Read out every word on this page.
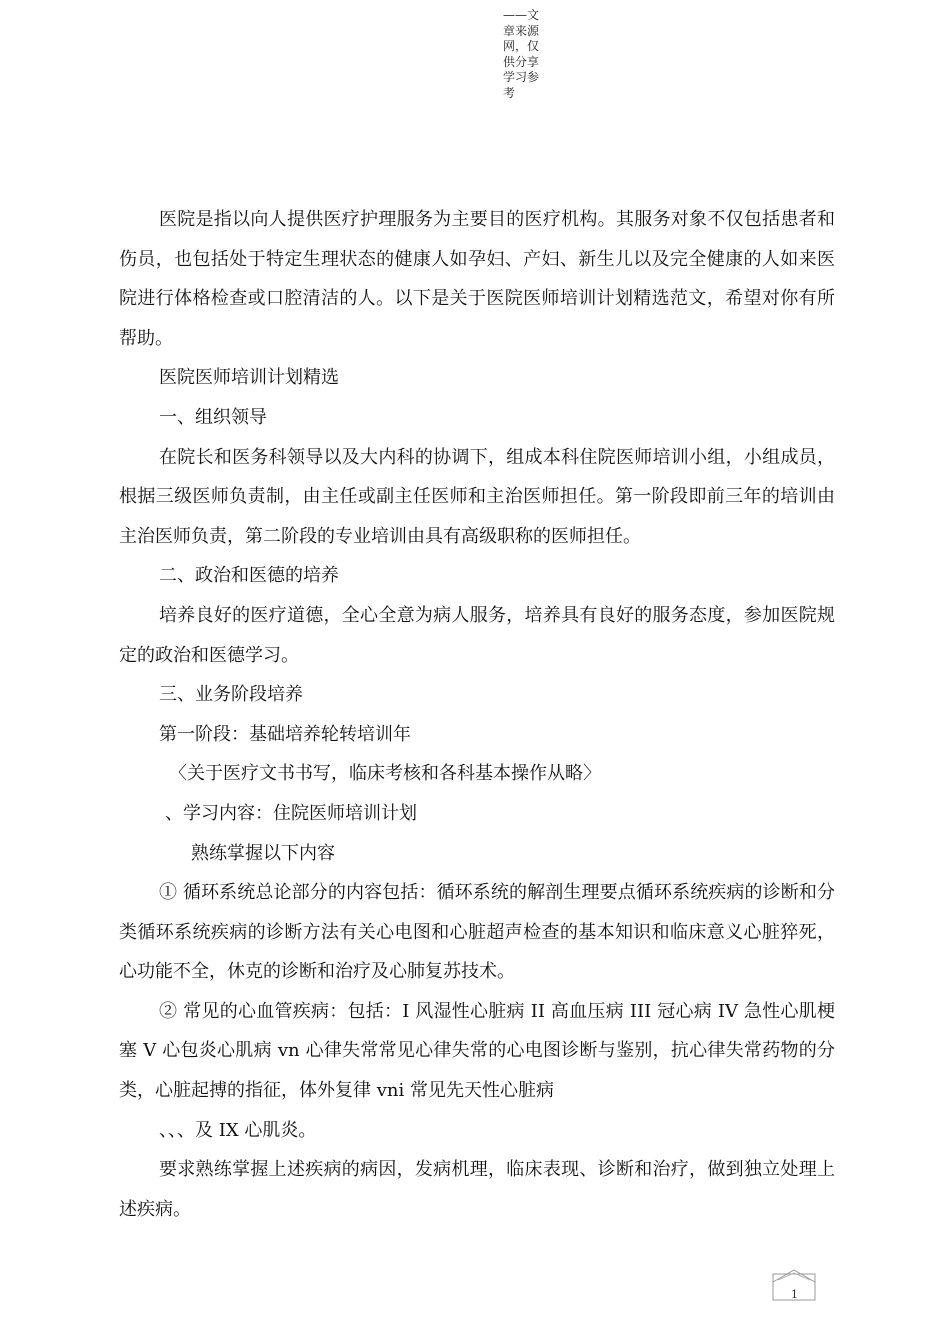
——文
章来源
网，仅
供分享
学习参
考

医院是指以向人提供医疗护理服务为主要目的医疗机构。其服务对象不仅包括患者和伤员，也包括处于特定生理状态的健康人如孕妇、产妇、新生儿以及完全健康的人如来医院进行体格检查或口腔清洁的人。以下是关于医院医师培训计划精选范文，希望对你有所帮助。

医院医师培训计划精选

一、组织领导

在院长和医务科领导以及大内科的协调下，组成本科住院医师培训小组，小组成员，根据三级医师负责制，由主任或副主任医师和主治医师担任。第一阶段即前三年的培训由主治医师负责，第二阶段的专业培训由具有高级职称的医师担任。

二、政治和医德的培养

培养良好的医疗道德，全心全意为病人服务，培养具有良好的服务态度，参加医院规定的政治和医德学习。

三、业务阶段培养

第一阶段：基础培养轮转培训年

〈关于医疗文书书写，临床考核和各科基本操作从略〉

、学习内容：住院医师培训计划

熟练掌握以下内容

① 循环系统总论部分的内容包括：循环系统的解剖生理要点循环系统疾病的诊断和分类循环系统疾病的诊断方法有关心电图和心脏超声检查的基本知识和临床意义心脏猝死，心功能不全，休克的诊断和治疗及心肺复苏技术。

② 常见的心血管疾病：包括：I 风湿性心脏病 II 高血压病 III 冠心病 IV 急性心肌梗塞 V 心包炎心肌病 vn 心律失常常见心律失常的心电图诊断与鉴别，抗心律失常药物的分类，心脏起搏的指征，体外复律 vni 常见先天性心脏病

、、、及 IX 心肌炎。

要求熟练掌握上述疾病的病因，发病机理，临床表现、诊断和治疗，做到独立处理上述疾病。

1
